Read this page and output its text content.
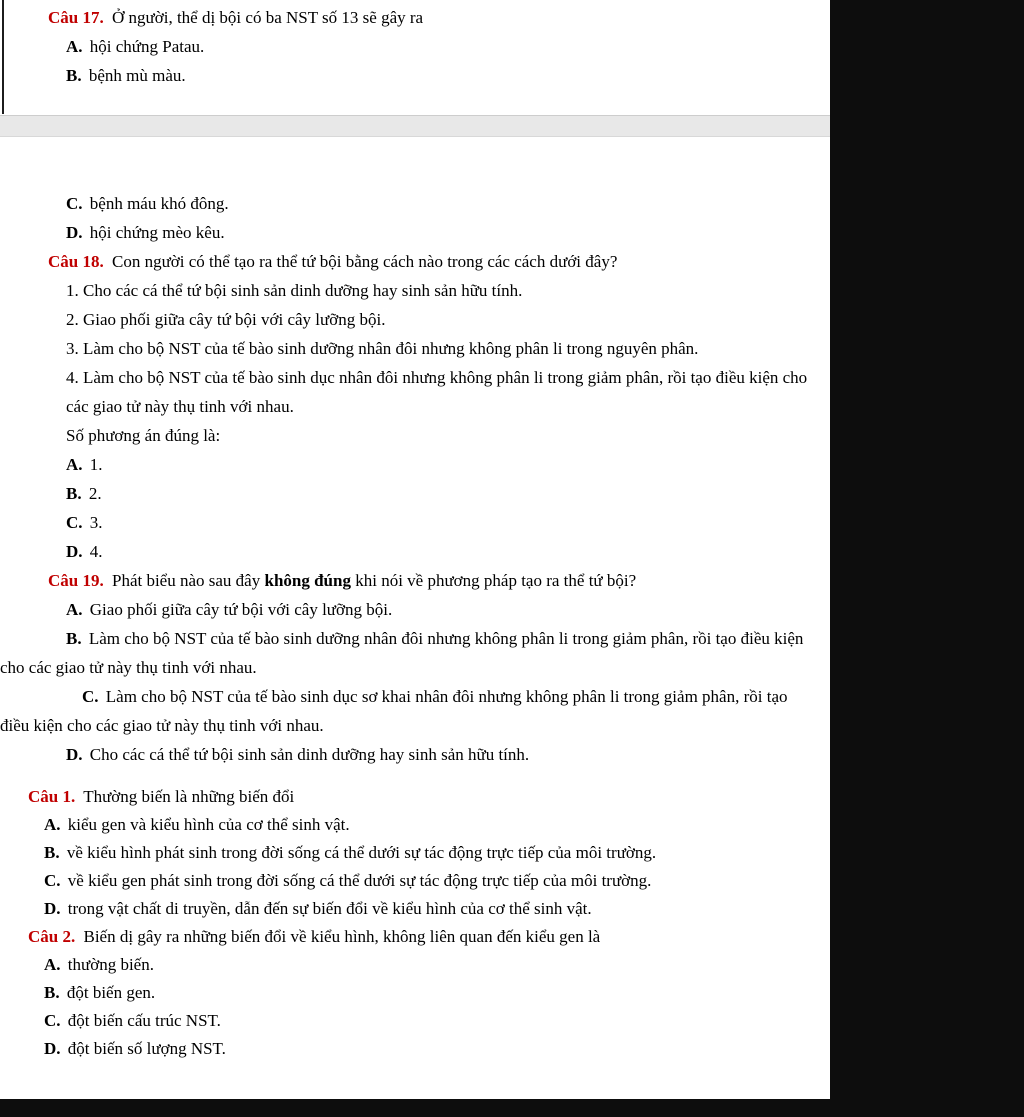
Câu 17. Ở người, thể dị bội có ba NST số 13 sẽ gây ra

A. hội chứng Patau.

B. bệnh mù màu.

C. bệnh máu khó đông.

D. hội chứng mèo kêu.

Câu 18. Con người có thể tạo ra thể tứ bội bằng cách nào trong các cách dưới đây?

1. Cho các cá thể tứ bội sinh sản dinh dưỡng hay sinh sản hữu tính.

2. Giao phối giữa cây tứ bội với cây lưỡng bội.

3. Làm cho bộ NST của tế bào sinh dưỡng nhân đôi nhưng không phân li trong nguyên phân.

4. Làm cho bộ NST của tế bào sinh dục nhân đôi nhưng không phân li trong giảm phân, rồi tạo điều kiện cho các giao tử này thụ tinh với nhau.

Số phương án đúng là:

A. 1.

B. 2.

C. 3.

D. 4.

Câu 19. Phát biểu nào sau đây không đúng khi nói về phương pháp tạo ra thể tứ bội?

A. Giao phối giữa cây tứ bội với cây lưỡng bội.

B. Làm cho bộ NST của tế bào sinh dưỡng nhân đôi nhưng không phân li trong giảm phân, rồi tạo điều kiện cho các giao tử này thụ tinh với nhau.

C. Làm cho bộ NST của tế bào sinh dục sơ khai nhân đôi nhưng không phân li trong giảm phân, rồi tạo điều kiện cho các giao tử này thụ tinh với nhau.

D. Cho các cá thể tứ bội sinh sản dinh dưỡng hay sinh sản hữu tính.

Câu 1. Thường biến là những biến đổi

A. kiểu gen và kiểu hình của cơ thể sinh vật.

B. về kiểu hình phát sinh trong đời sống cá thể dưới sự tác động trực tiếp của môi trường.

C. về kiểu gen phát sinh trong đời sống cá thể dưới sự tác động trực tiếp của môi trường.

D. trong vật chất di truyền, dẫn đến sự biến đổi về kiểu hình của cơ thể sinh vật.

Câu 2. Biến dị gây ra những biến đổi về kiểu hình, không liên quan đến kiểu gen là

A. thường biến.

B. đột biến gen.

C. đột biến cấu trúc NST.

D. đột biến số lượng NST.
